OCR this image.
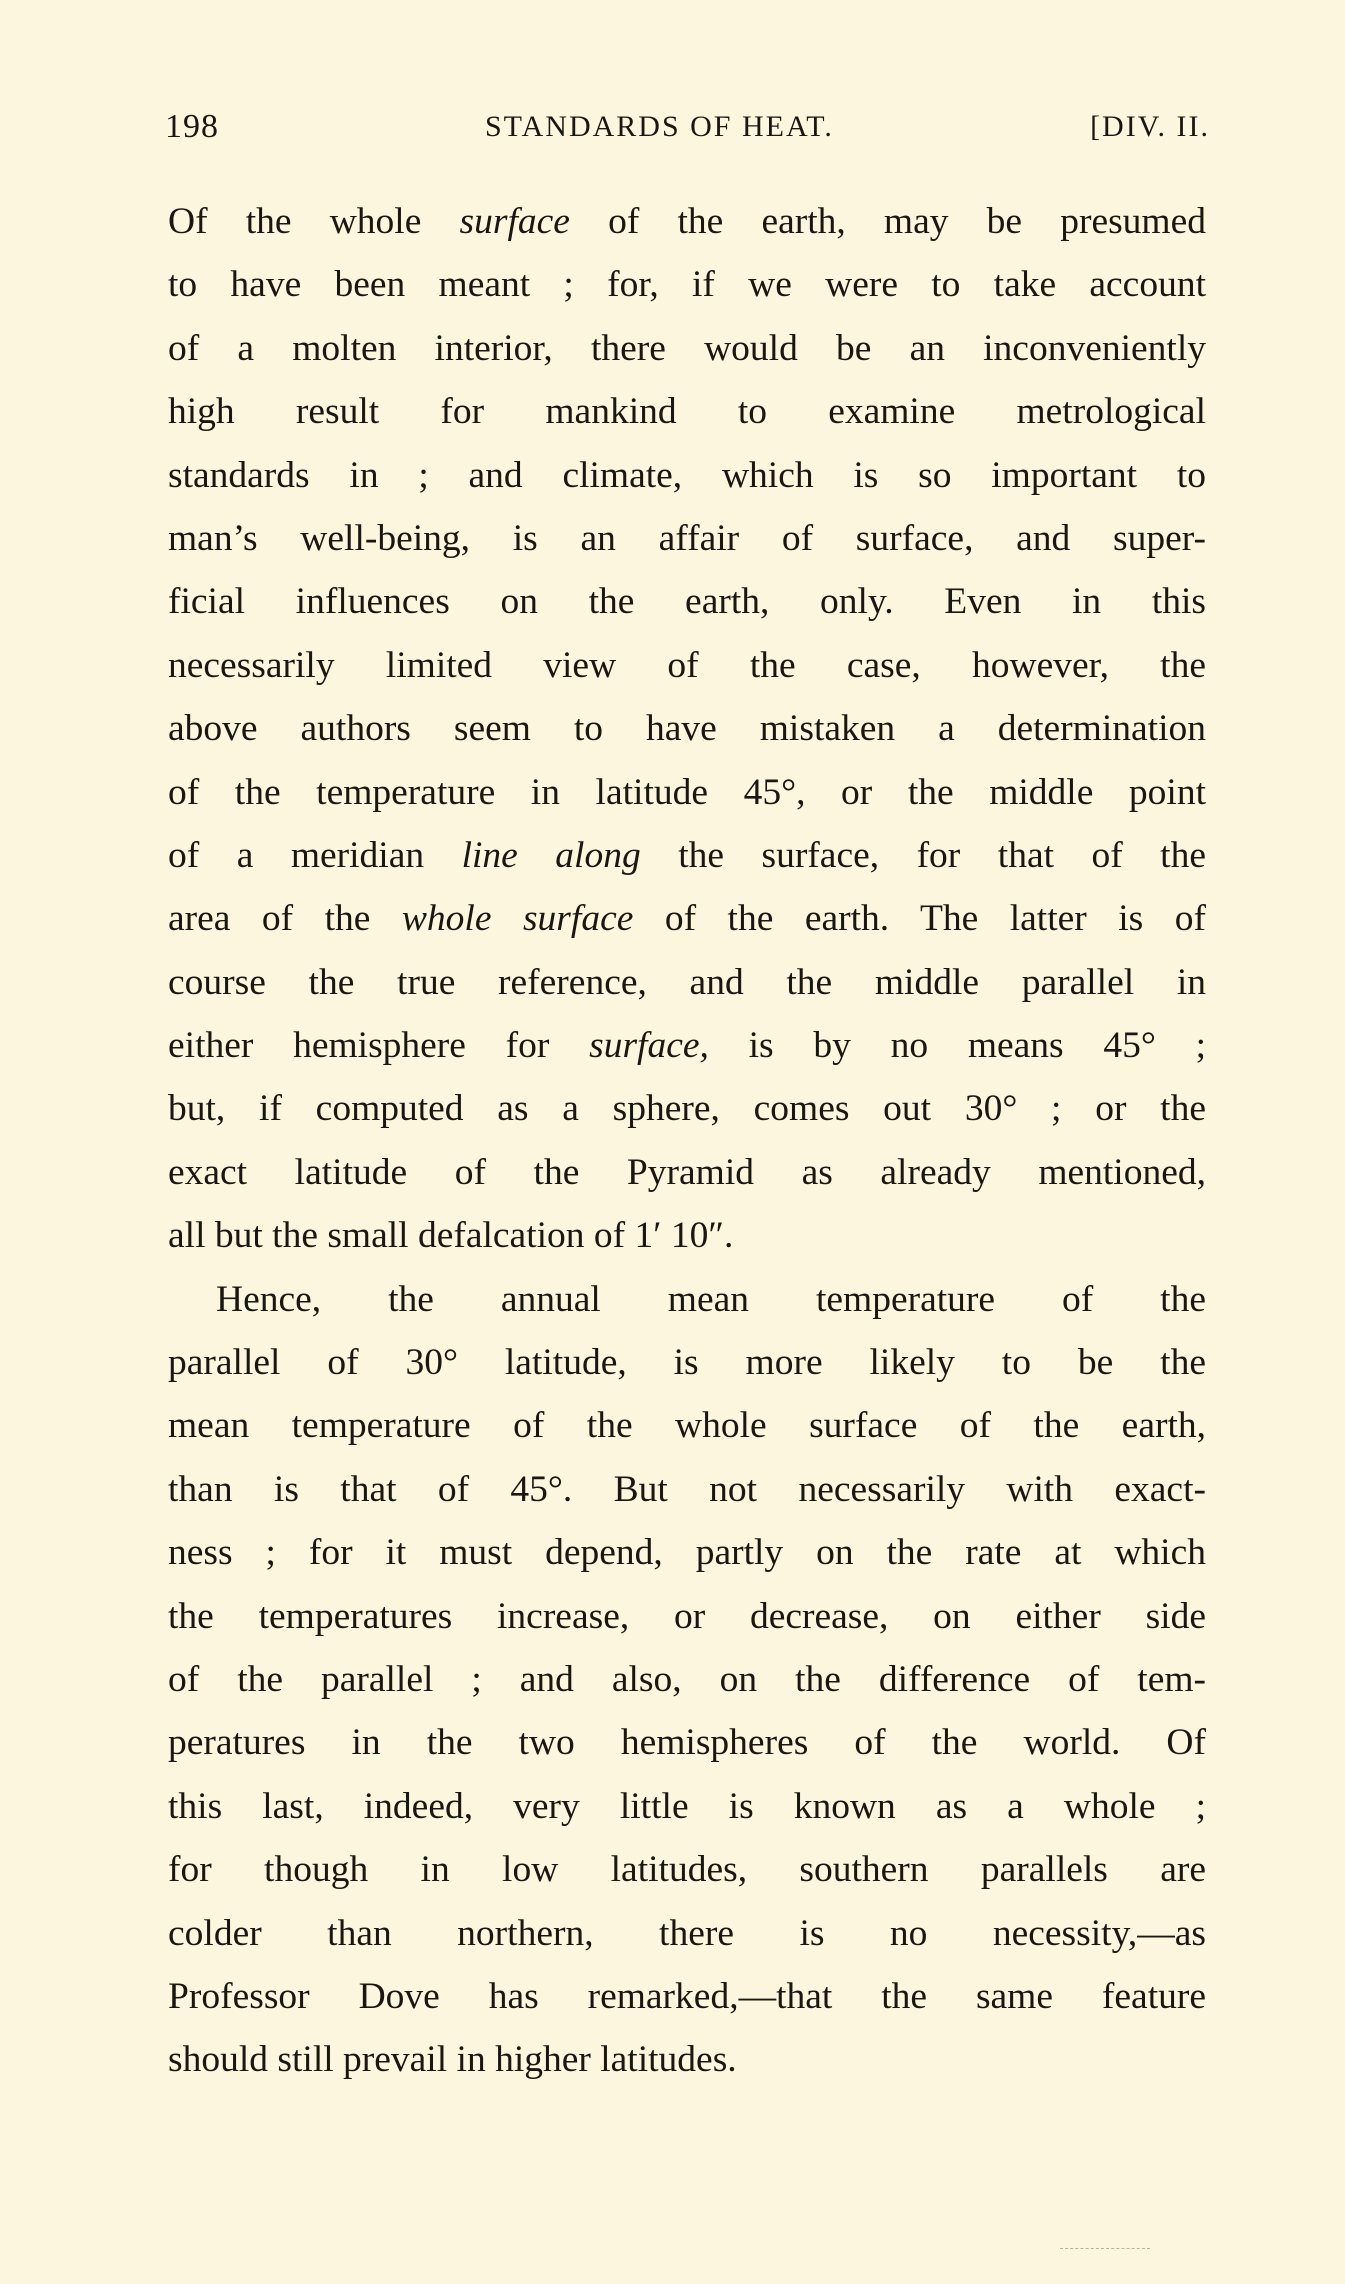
198	STANDARDS OF HEAT.	[DIV. II.
Of the whole surface of the earth, may be presumed
to have been meant ; for, if we were to take account
of a molten interior, there would be an inconveniently
high result for mankind to examine metrological
standards in ; and climate, which is so important to
man’s well-being, is an affair of surface, and super-
ficial influences on the earth, only. Even in this
necessarily limited view of the case, however, the
above authors seem to have mistaken a determination
of the temperature in latitude 45°, or the middle point
of a meridian line along the surface, for that of the
area of the whole surface of the earth. The latter is of
course the true reference, and the middle parallel in
either hemisphere for surface, is by no means 45° ;
but, if computed as a sphere, comes out 30° ; or the
exact latitude of the Pyramid as already mentioned,
all but the small defalcation of 1′ 10″.
Hence, the annual mean temperature of the
parallel of 30° latitude, is more likely to be the
mean temperature of the whole surface of the earth,
than is that of 45°. But not necessarily with exact-
ness ; for it must depend, partly on the rate at which
the temperatures increase, or decrease, on either side
of the parallel ; and also, on the difference of tem-
peratures in the two hemispheres of the world. Of
this last, indeed, very little is known as a whole ;
for though in low latitudes, southern parallels are
colder than northern, there is no necessity,—as
Professor Dove has remarked,—that the same feature
should still prevail in higher latitudes.
